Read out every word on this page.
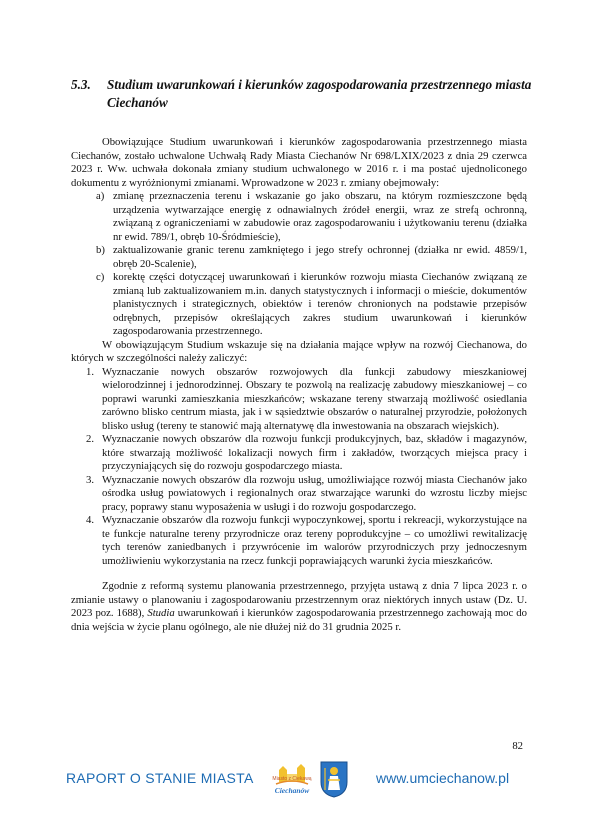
5.3. Studium uwarunkowań i kierunków zagospodarowania przestrzennego miasta Ciechanów

Obowiązujące Studium uwarunkowań i kierunków zagospodarowania przestrzennego miasta Ciechanów, zostało uchwalone Uchwałą Rady Miasta Ciechanów Nr 698/LXIX/2023 z dnia 29 czerwca 2023 r. Ww. uchwała dokonała zmiany studium uchwalonego w 2016 r. i ma postać ujednoliconego dokumentu z wyróżnionymi zmianami. Wprowadzone w 2023 r. zmiany obejmowały:

a) zmianę przeznaczenia terenu i wskazanie go jako obszaru, na którym rozmieszczone będą urządzenia wytwarzające energię z odnawialnych źródeł energii, wraz ze strefą ochronną, związaną z ograniczeniami w zabudowie oraz zagospodarowaniu i użytkowaniu terenu (działka nr ewid. 789/1, obręb 10-Śródmieście),
b) zaktualizowanie granic terenu zamkniętego i jego strefy ochronnej (działka nr ewid. 4859/1, obręb 20-Scalenie),
c) korektę części dotyczącej uwarunkowań i kierunków rozwoju miasta Ciechanów związaną ze zmianą lub zaktualizowaniem m.in. danych statystycznych i informacji o mieście, dokumentów planistycznych i strategicznych, obiektów i terenów chronionych na podstawie przepisów odrębnych, przepisów określających zakres studium uwarunkowań i kierunków zagospodarowania przestrzennego.

W obowiązującym Studium wskazuje się na działania mające wpływ na rozwój Ciechanowa, do których w szczególności należy zaliczyć:

1. Wyznaczanie nowych obszarów rozwojowych dla funkcji zabudowy mieszkaniowej wielorodzinnej i jednorodzinnej. Obszary te pozwolą na realizację zabudowy mieszkaniowej – co poprawi warunki zamieszkania mieszkańców; wskazane tereny stwarzają możliwość osiedlania zarówno blisko centrum miasta, jak i w sąsiedztwie obszarów o naturalnej przyrodzie, położonych blisko usług (tereny te stanowić mają alternatywę dla inwestowania na obszarach wiejskich).
2. Wyznaczanie nowych obszarów dla rozwoju funkcji produkcyjnych, baz, składów i magazynów, które stwarzają możliwość lokalizacji nowych firm i zakładów, tworzących miejsca pracy i przyczyniających się do rozwoju gospodarczego miasta.
3. Wyznaczanie nowych obszarów dla rozwoju usług, umożliwiające rozwój miasta Ciechanów jako ośrodka usług powiatowych i regionalnych oraz stwarzające warunki do wzrostu liczby miejsc pracy, poprawy stanu wyposażenia w usługi i do rozwoju gospodarczego.
4. Wyznaczanie obszarów dla rozwoju funkcji wypoczynkowej, sportu i rekreacji, wykorzystujące na te funkcje naturalne tereny przyrodnicze oraz tereny poprodukcyjne – co umożliwi rewitalizację tych terenów zaniedbanych i przywrócenie im walorów przyrodniczych przy jednoczesnym umożliwieniu wykorzystania na rzecz funkcji poprawiających warunki życia mieszkańców.

Zgodnie z reformą systemu planowania przestrzennego, przyjęta ustawą z dnia 7 lipca 2023 r. o zmianie ustawy o planowaniu i zagospodarowaniu przestrzennym oraz niektórych innych ustaw (Dz. U. 2023 poz. 1688), Studia uwarunkowań i kierunków zagospodarowania przestrzennego zachowają moc do dnia wejścia w życie planu ogólnego, ale nie dłużej niż do 31 grudnia 2025 r.

82
RAPORT O STANIE MIASTA	Miasto z Ciekawą
Ciechanów
www.umciechanow.pl
